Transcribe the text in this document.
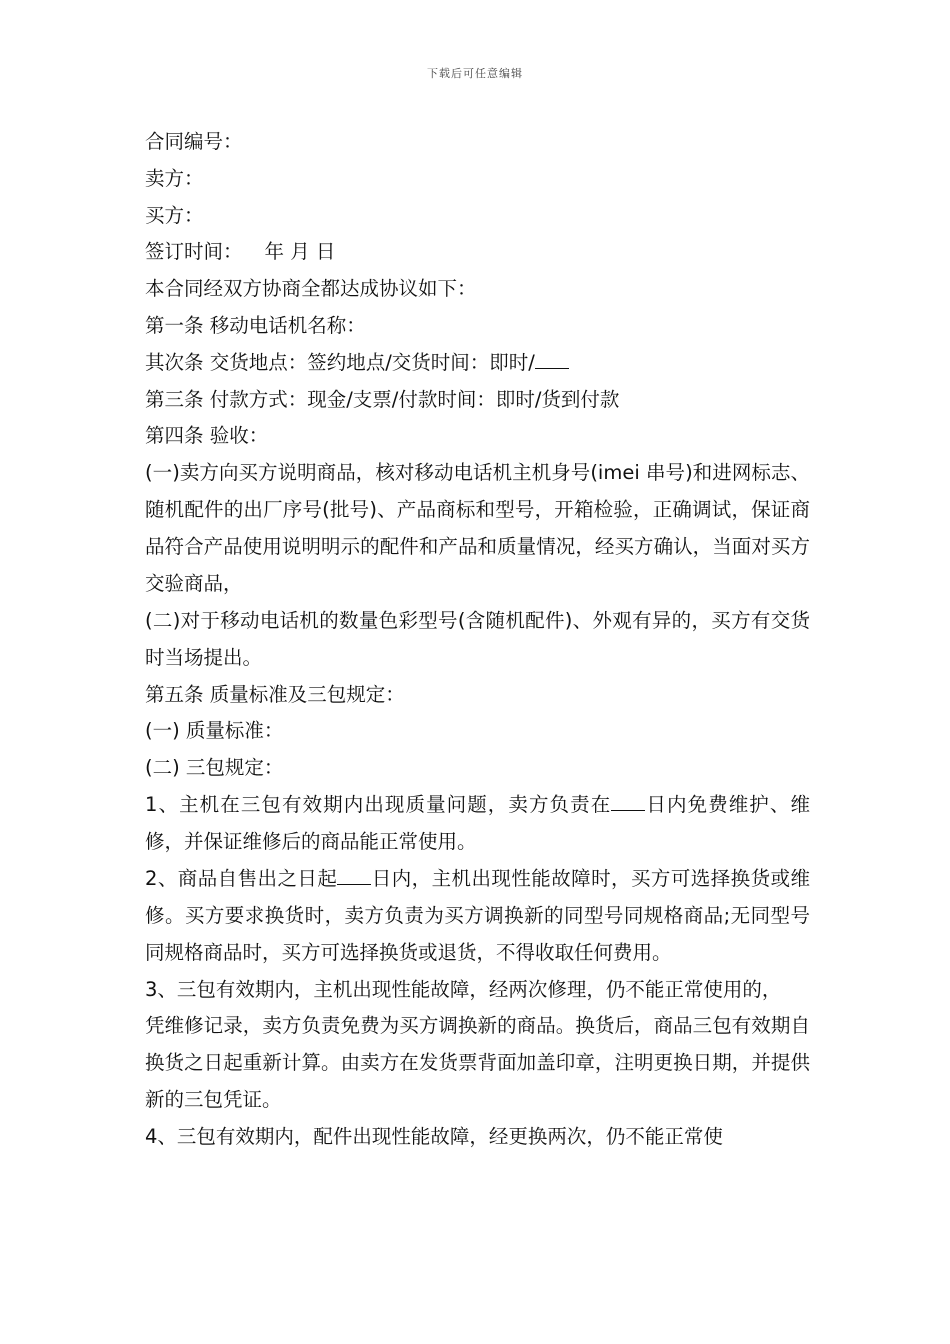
下载后可任意编辑
合同编号：
卖方：
买方：
签订时间： 年 月 日
本合同经双方协商全都达成协议如下：
第一条 移动电话机名称：
其次条 交货地点：签约地点/交货时间：即时/
第三条 付款方式：现金/支票/付款时间：即时/货到付款
第四条 验收：
(一)卖方向买方说明商品，核对移动电话机主机身号(imei 串号)和进网标志、随机配件的出厂序号(批号)、产品商标和型号，开箱检验，正确调试，保证商品符合产品使用说明明示的配件和产品和质量情况，经买方确认，当面对买方交验商品，
(二)对于移动电话机的数量色彩型号(含随机配件)、外观有异的，买方有交货时当场提出。
第五条 质量标准及三包规定：
(一) 质量标准：
(二) 三包规定：
1、主机在三包有效期内出现质量问题，卖方负责在 日内免费维护、维修，并保证维修后的商品能正常使用。
2、商品自售出之日起 日内，主机出现性能故障时，买方可选择换货或维修。买方要求换货时，卖方负责为买方调换新的同型号同规格商品;无同型号同规格商品时，买方可选择换货或退货，不得收取任何费用。
3、三包有效期内，主机出现性能故障，经两次修理，仍不能正常使用的，
凭维修记录，卖方负责免费为买方调换新的商品。换货后，商品三包有效期自换货之日起重新计算。由卖方在发货票背面加盖印章，注明更换日期，并提供新的三包凭证。
4、三包有效期内，配件出现性能故障，经更换两次，仍不能正常使
